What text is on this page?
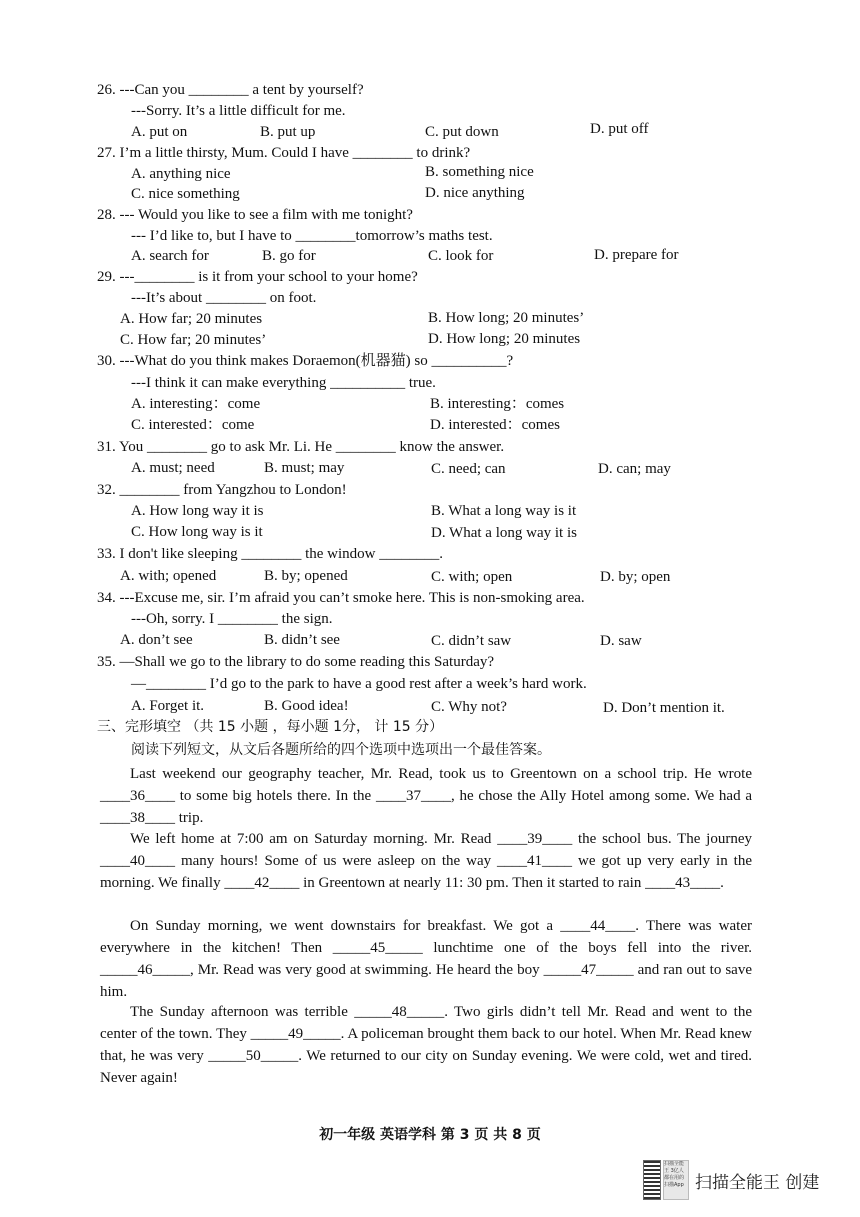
26. ---Can you ________ a tent by yourself?
---Sorry. It’s a little difficult for me.
A. put on	B. put up	C. put down	D. put off
27. I’m a little thirsty, Mum. Could I have ________ to drink?
A. anything nice	B. something nice
C. nice something	D. nice anything
28. --- Would you like to see a film with me tonight?
--- I’d like to, but I have to ________tomorrow’s maths test.
A. search for	B. go for	C. look for	D. prepare for
29. ---________ is it from your school to your home?
---It’s about ________ on foot.
A. How far; 20 minutes	B. How long; 20 minutes’
C. How far; 20 minutes’	D. How long; 20 minutes
30. ---What do you think makes Doraemon(机器猫) so __________?
---I think it can make everything __________ true.
A. interesting：come	B. interesting：comes
C. interested：come	D. interested：comes
31. You ________ go to ask Mr. Li. He ________ know the answer.
A. must; need	B. must; may	C. need; can	D. can; may
32. ________ from Yangzhou to London!
A. How long way it is	B. What a long way is it
C. How long way is it	D. What a long way it is
33. I don't like sleeping ________ the window ________.
A. with; opened	B. by; opened	C. with; open	D. by; open
34. ---Excuse me, sir. I’m afraid you can’t smoke here. This is non-smoking area.
---Oh, sorry. I ________ the sign.
A. don’t see	B. didn’t see	C. didn’t saw	D. saw
35. —Shall we go to the library to do some reading this Saturday?
—________ I’d go to the park to have a good rest after a week’s hard work.
A. Forget it.	B. Good idea!	C. Why not?	D. Don’t mention it.
三、完形填空 （共 15 小题 ，每小题 1分， 计 15 分）
阅读下列短文，从文后各题所给的四个选项中选项出一个最佳答案。
Last weekend our geography teacher, Mr. Read, took us to Greentown on a school trip. He wrote ____36____ to some big hotels there. In the ____37____, he chose the Ally Hotel among some. We had a ____38____ trip.
We left home at 7:00 am on Saturday morning. Mr. Read ____39____ the school bus. The journey ____40____ many hours! Some of us were asleep on the way ____41____ we got up very early in the morning. We finally ____42____ in Greentown at nearly 11: 30 pm. Then it started to rain ____43____.
On Sunday morning, we went downstairs for breakfast. We got a ____44____. There was water everywhere in the kitchen! Then _____45_____ lunchtime one of the boys fell into the river. _____46_____, Mr. Read was very good at swimming. He heard the boy _____47_____ and ran out to save him.
The Sunday afternoon was terrible _____48_____. Two girls didn’t tell Mr. Read and went to the center of the town. They _____49_____. A policeman brought them back to our hotel. When Mr. Read knew that, he was very _____50_____. We returned to our city on Sunday evening. We were cold, wet and tired. Never again!
初一年级 英语学科 第 3 页 共 8 页
扫描全能王 3亿人都在用的扫描App 扫描全能王 创建
